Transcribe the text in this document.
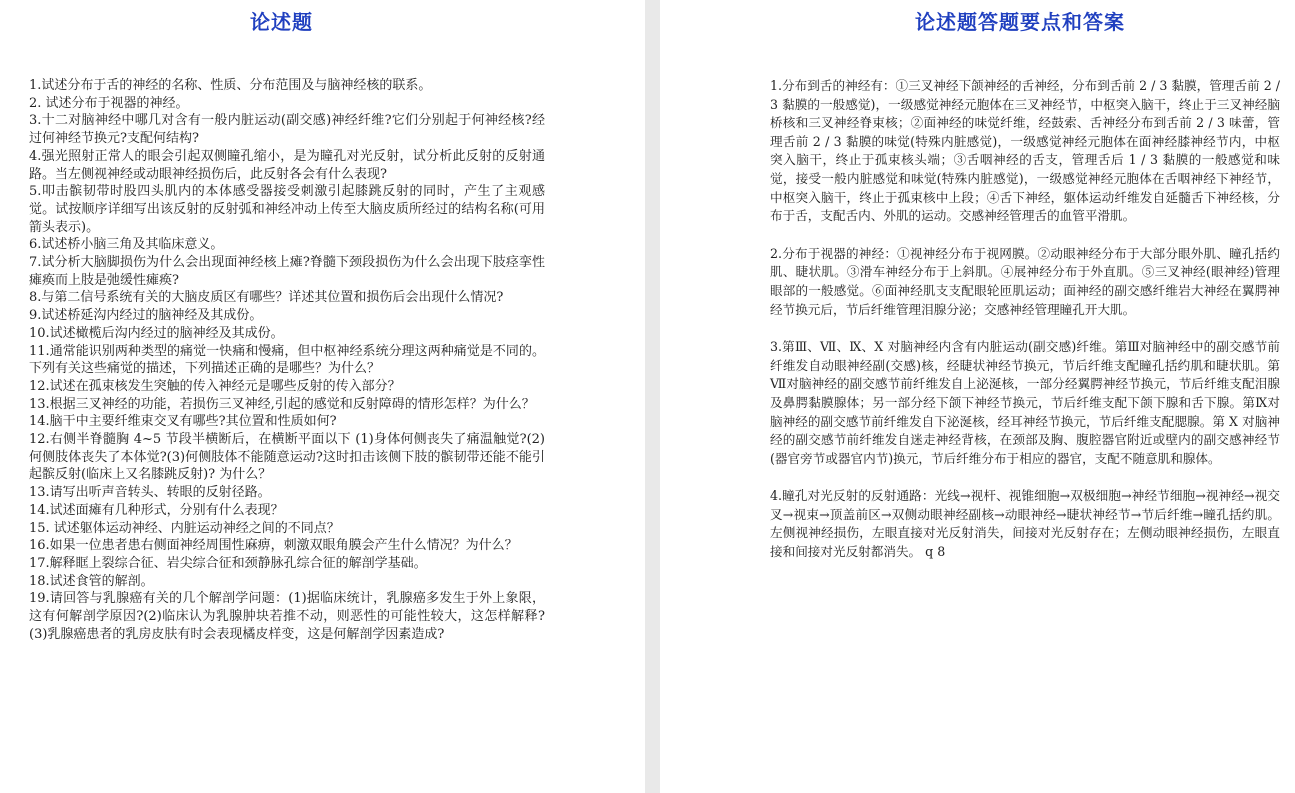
论述题
1.试述分布于舌的神经的名称、性质、分布范围及与脑神经核的联系。
2. 试述分布于视器的神经。
3.十二对脑神经中哪几对含有一般内脏运动(副交感)神经纤维?它们分别起于何神经核?经过何神经节换元?支配何结构?
4.强光照射正常人的眼会引起双侧瞳孔缩小，是为瞳孔对光反射，试分析此反射的反射通路。当左侧视神经或动眼神经损伤后，此反射各会有什么表现?
5.叩击髌韧带时股四头肌内的本体感受器接受刺激引起膝跳反射的同时，产生了主观感觉。试按顺序详细写出该反射的反射弧和神经冲动上传至大脑皮质所经过的结构名称(可用箭头表示)。
6.试述桥小脑三角及其临床意义。
7.试分析大脑脚损伤为什么会出现面神经核上瘫?脊髓下颈段损伤为什么会出现下肢痉挛性瘫痪而上肢是弛缓性瘫痪?
8.与第二信号系统有关的大脑皮质区有哪些？详述其位置和损伤后会出现什么情况?
9.试述桥延沟内经过的脑神经及其成份。
10.试述橄榄后沟内经过的脑神经及其成份。
11.通常能识别两种类型的痛觉一快痛和慢痛，但中枢神经系统分理这两种痛觉是不同的。下列有关这些痛觉的描述，下列描述正确的是哪些？为什么？
12.试述在孤束核发生突触的传入神经元是哪些反射的传入部分？
13.根据三叉神经的功能，若损伤三叉神经,引起的感觉和反射障碍的情形怎样？为什么？
14.脑干中主要纤维束交叉有哪些?其位置和性质如何?
12.右侧半脊髓胸 4~5 节段半横断后，在横断平面以下 (1)身体何侧丧失了痛温触觉?(2)何侧肢体丧失了本体觉?(3)何侧肢体不能随意运动?这时扣击该侧下肢的髌韧带还能不能引起髌反射(临床上又名膝跳反射)? 为什么？
13.请写出听声音转头、转眼的反射径路。
14.试述面瘫有几种形式，分别有什么表现？
15. 试述躯体运动神经、内脏运动神经之间的不同点？
16.如果一位患者患右侧面神经周围性麻痹，刺激双眼角膜会产生什么情况？为什么？
17.解释眶上裂综合征、岩尖综合征和颈静脉孔综合征的解剖学基础。
18.试述食管的解剖。
19.请回答与乳腺癌有关的几个解剖学问题：(1)据临床统计，乳腺癌多发生于外上象限，这有何解剖学原因?(2)临床认为乳腺肿块若推不动，则恶性的可能性较大，这怎样解释?(3)乳腺癌患者的乳房皮肤有时会表现橘皮样变，这是何解剖学因素造成?
论述题答题要点和答案

1.分布到舌的神经有：①三叉神经下颌神经的舌神经，分布到舌前 2 / 3 黏膜，管理舌前 2 / 3 黏膜的一般感觉)，一级感觉神经元胞体在三叉神经节，中枢突入脑干，终止于三叉神经脑桥核和三叉神经脊束核；②面神经的味觉纤维，经鼓索、舌神经分布到舌前 2 / 3 味蕾，管理舌前 2 / 3 黏膜的味觉(特殊内脏感觉)，一级感觉神经元胞体在面神经膝神经节内，中枢突入脑干，终止于孤束核头端；③舌咽神经的舌支，管理舌后 1 / 3 黏膜的一般感觉和味觉，接受一般内脏感觉和味觉(特殊内脏感觉)，一级感觉神经元胞体在舌咽神经下神经节，中枢突入脑干，终止于孤束核中上段；④舌下神经，躯体运动纤维发自延髓舌下神经核，分布于舌，支配舌内、外肌的运动。交感神经管理舌的血管平滑肌。

2.分布于视器的神经：①视神经分布于视网膜。②动眼神经分布于大部分眼外肌、瞳孔括约肌、睫状肌。③滑车神经分布于上斜肌。④展神经分布于外直肌。⑤三叉神经(眼神经)管理眼部的一般感觉。⑥面神经肌支支配眼轮匝肌运动；面神经的副交感纤维岩大神经在翼腭神经节换元后，节后纤维管理泪腺分泌；交感神经管理瞳孔开大肌。

3.第Ⅲ、Ⅶ、Ⅸ、Ⅹ 对脑神经内含有内脏运动(副交感)纤维。第Ⅲ对脑神经中的副交感节前纤维发自动眼神经副(交感)核，经睫状神经节换元，节后纤维支配瞳孔括约肌和睫状肌。第Ⅶ对脑神经的副交感节前纤维发自上泌涎核，一部分经翼腭神经节换元，节后纤维支配泪腺及鼻腭黏膜腺体；另一部分经下颌下神经节换元，节后纤维支配下颌下腺和舌下腺。第Ⅸ对脑神经的副交感节前纤维发自下泌涎核，经耳神经节换元，节后纤维支配腮腺。第 Ⅹ 对脑神经的副交感节前纤维发自迷走神经背核，在颈部及胸、腹腔器官附近或壁内的副交感神经节(器官旁节或器官内节)换元，节后纤维分布于相应的器官，支配不随意肌和腺体。

4.瞳孔对光反射的反射通路：光线→视杆、视锥细胞→双极细胞→神经节细胞→视神经→视交叉→视束→顶盖前区→双侧动眼神经副核→动眼神经→睫状神经节→节后纤维→瞳孔括约肌。左侧视神经损伤，左眼直接对光反射消失，间接对光反射存在；左侧动眼神经损伤，左眼直接和间接对光反射都消失。 q 8
